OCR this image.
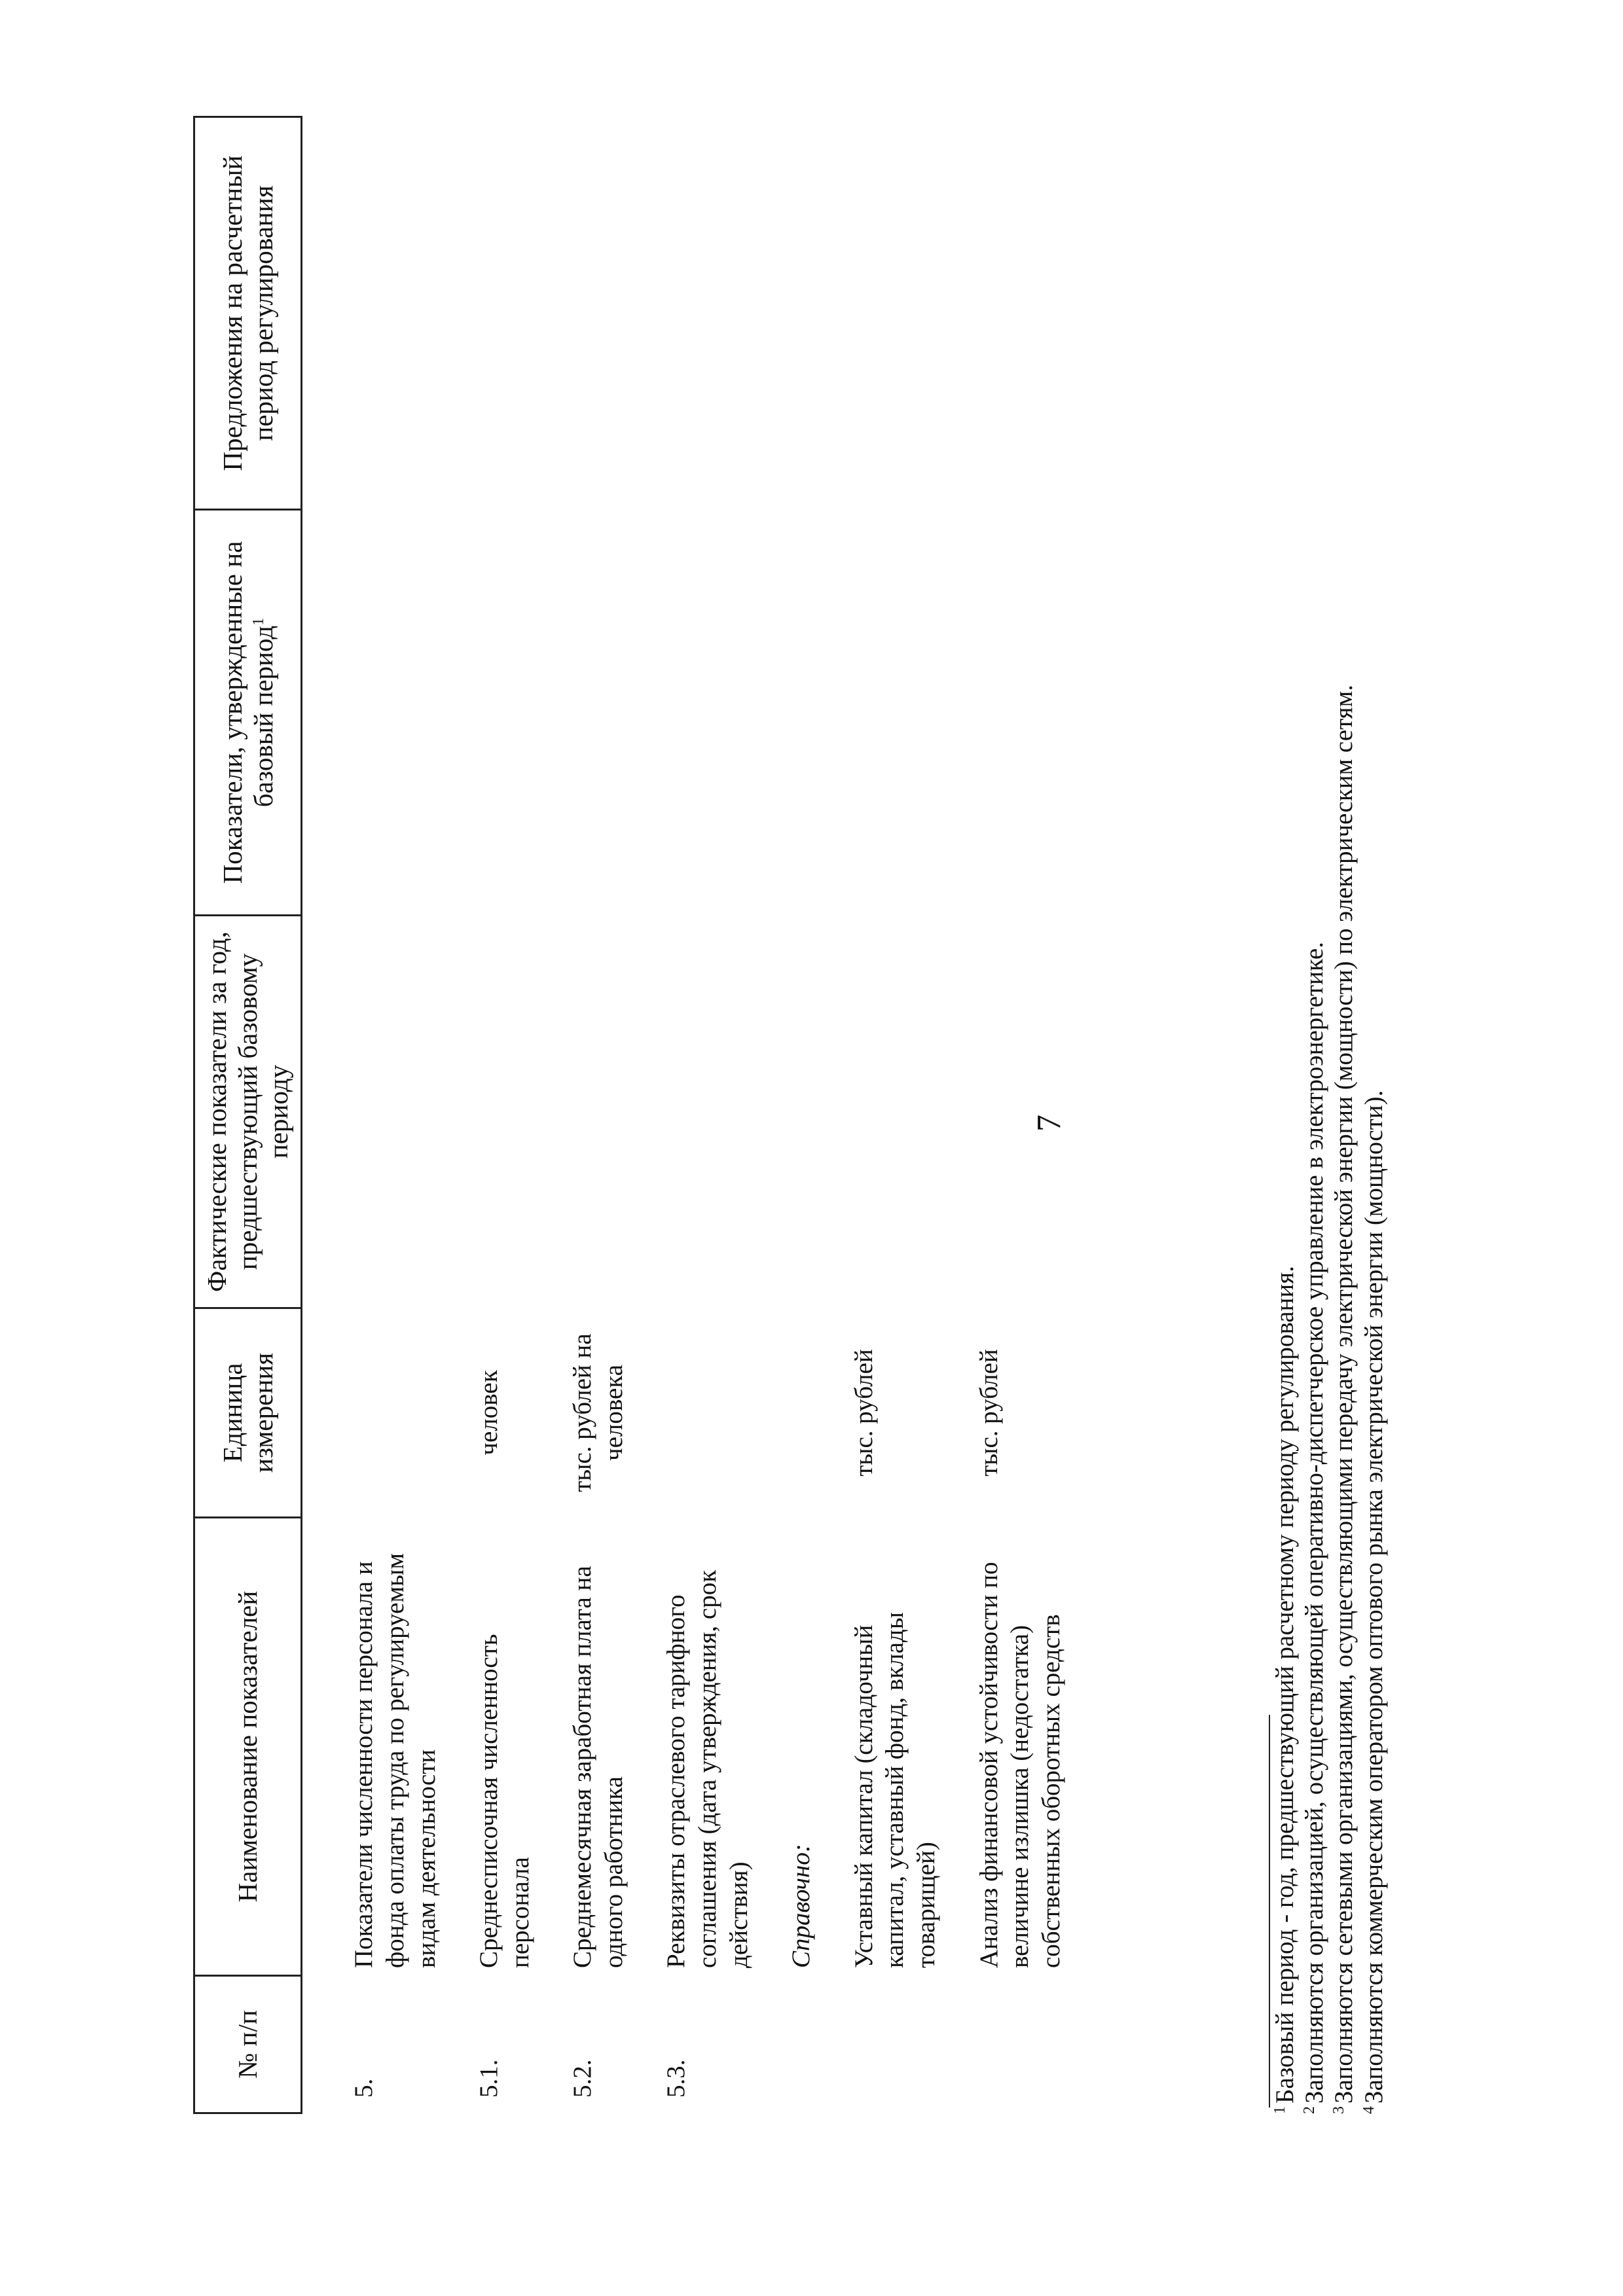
7
№ п/п	Наименование показателей	Единица измерения	Фактические показатели за год, предшествующий базовому периоду	Показатели, утвержденные на базовый период$^1$	Предложения на расчетный период регулирования
5.	Показатели численности персонала и фонда оплаты труда по регулируемым видам деятельности				
5.1.	Среднесписочная численность персонала	человек			
5.2.	Среднемесячная заработная плата на одного работника	тыс. рублей на человека			
5.3.	Реквизиты отраслевого тарифного соглашения (дата утверждения, срок действия)				
	Справочно:				
	Уставный капитал (складочный капитал, уставный фонд, вклады товарищей)	тыс. рублей			
	Анализ финансовой устойчивости по величине излишка (недостатка) собственных оборотных средств	тыс. рублей			
$^1$Базовый период - год, предшествующий расчетному периоду регулирования.
$^2$Заполняются организацией, осуществляющей оперативно-диспетчерское управление в электроэнергетике.
$^3$Заполняются сетевыми организациями, осуществляющими передачу электрической энергии (мощности) по электрическим сетям.
$^4$Заполняются коммерческим оператором оптового рынка электрической энергии (мощности).
